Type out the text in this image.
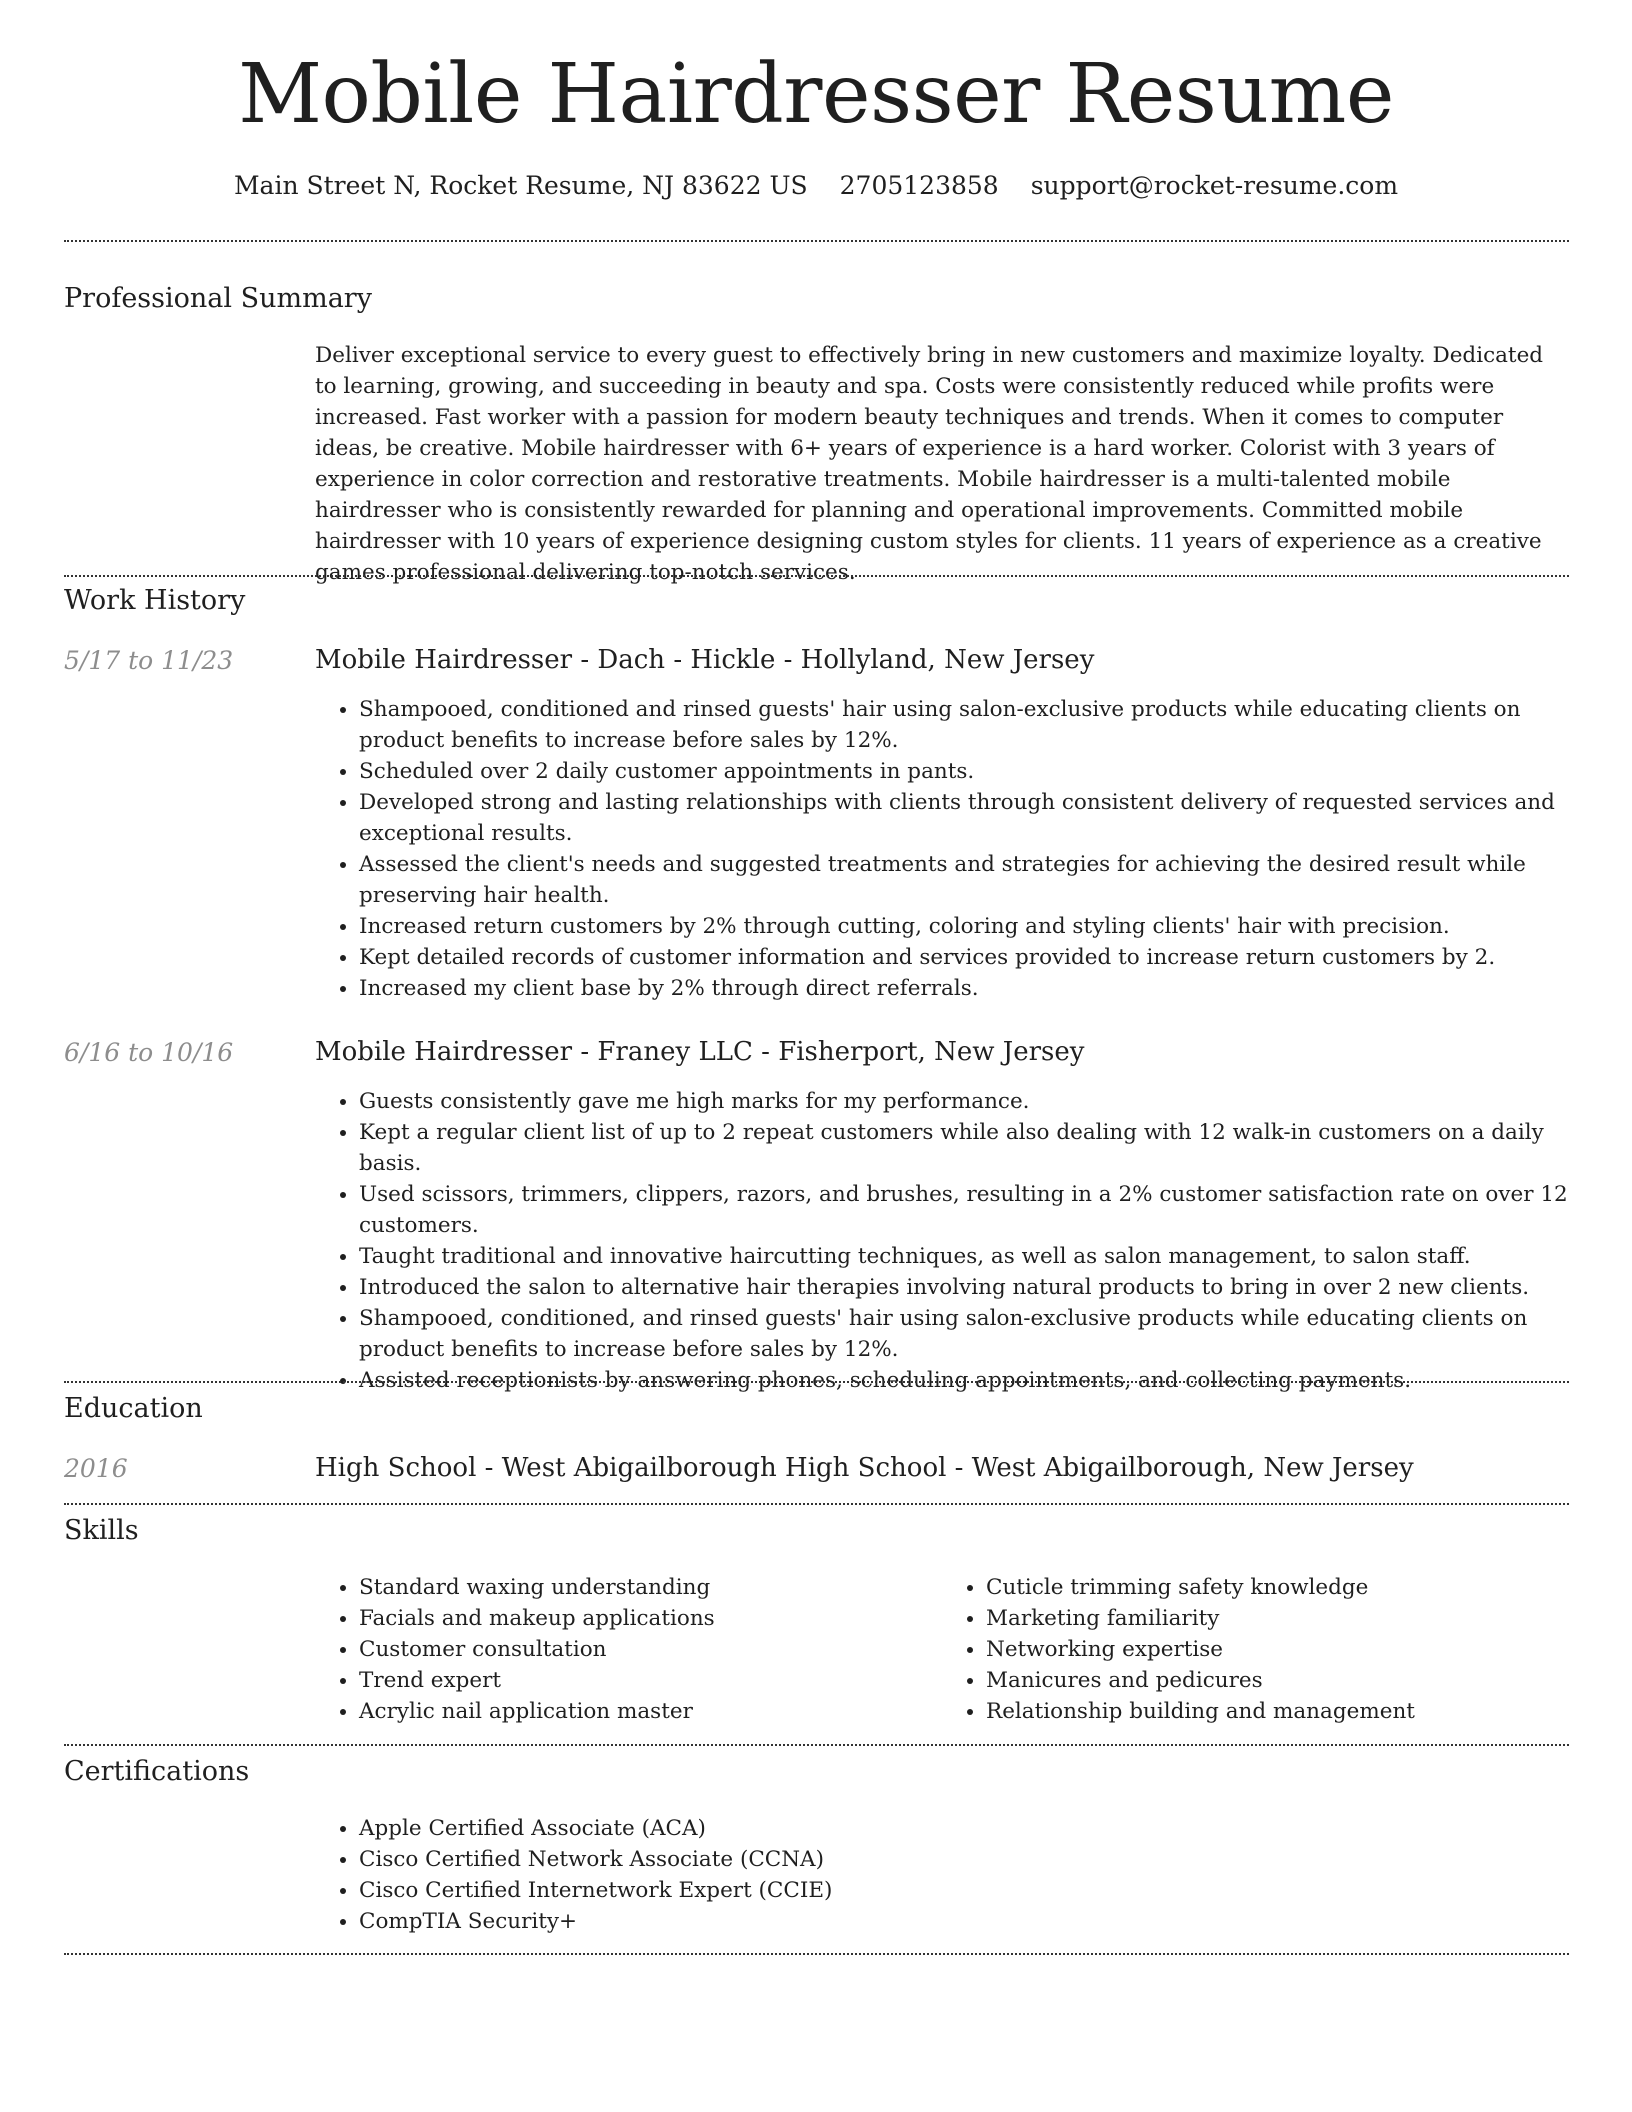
Mobile Hairdresser Resume
Main Street N, Rocket Resume, NJ 83622 US 2705123858 support@rocket-resume.com
Professional Summary

Deliver exceptional service to every guest to effectively bring in new customers and maximize loyalty. Dedicated to learning, growing, and succeeding in beauty and spa. Costs were consistently reduced while profits were increased. Fast worker with a passion for modern beauty techniques and trends. When it comes to computer ideas, be creative. Mobile hairdresser with 6+ years of experience is a hard worker. Colorist with 3 years of experience in color correction and restorative treatments. Mobile hairdresser is a multi-talented mobile hairdresser who is consistently rewarded for planning and operational improvements. Committed mobile hairdresser with 10 years of experience designing custom styles for clients. 11 years of experience as a creative games professional delivering top-notch services.

Work History
5/17 to 11/23	Mobile Hairdresser - Dach - Hickle - Hollyland, New Jersey
• Shampooed, conditioned and rinsed guests' hair using salon-exclusive products while educating clients on product benefits to increase before sales by 12%.
• Scheduled over 2 daily customer appointments in pants.
• Developed strong and lasting relationships with clients through consistent delivery of requested services and exceptional results.
• Assessed the client's needs and suggested treatments and strategies for achieving the desired result while preserving hair health.
• Increased return customers by 2% through cutting, coloring and styling clients' hair with precision.
• Kept detailed records of customer information and services provided to increase return customers by 2.
• Increased my client base by 2% through direct referrals.
6/16 to 10/16	Mobile Hairdresser - Franey LLC - Fisherport, New Jersey
• Guests consistently gave me high marks for my performance.
• Kept a regular client list of up to 2 repeat customers while also dealing with 12 walk-in customers on a daily basis.
• Used scissors, trimmers, clippers, razors, and brushes, resulting in a 2% customer satisfaction rate on over 12 customers.
• Taught traditional and innovative haircutting techniques, as well as salon management, to salon staff.
• Introduced the salon to alternative hair therapies involving natural products to bring in over 2 new clients.
• Shampooed, conditioned, and rinsed guests' hair using salon-exclusive products while educating clients on product benefits to increase before sales by 12%.
• Assisted receptionists by answering phones, scheduling appointments, and collecting payments.
Education
2016	High School - West Abigailborough High School - West Abigailborough, New Jersey
Skills
• Standard waxing understanding
• Facials and makeup applications
• Customer consultation
• Trend expert
• Acrylic nail application master
• Cuticle trimming safety knowledge
• Marketing familiarity
• Networking expertise
• Manicures and pedicures
• Relationship building and management
Certifications
• Apple Certified Associate (ACA)
• Cisco Certified Network Associate (CCNA)
• Cisco Certified Internetwork Expert (CCIE)
• CompTIA Security+
